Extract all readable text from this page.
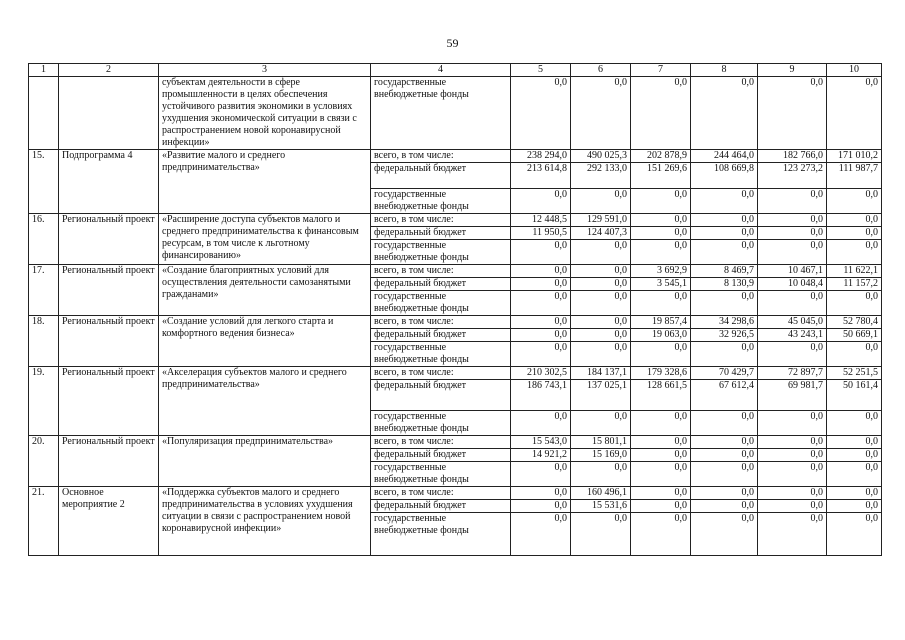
59
1	2	3	4	5	6	7	8	9	10
		субъектам деятельности в сфере промышленности в целях обеспечения устойчивого развития экономики в условиях ухудшения экономической ситуации в связи с распространением новой коронавирусной инфекции»	государственные внебюджетные фонды	0,0	0,0	0,0	0,0	0,0	0,0
15.	Подпрограмма 4	«Развитие малого и среднего предпринимательства»	всего, в том числе:	238 294,0	490 025,3	202 878,9	244 464,0	182 766,0	171 010,2
			федеральный бюджет	213 614,8	292 133,0	151 269,6	108 669,8	123 273,2	111 987,7
			государственные внебюджетные фонды	0,0	0,0	0,0	0,0	0,0	0,0
16.	Региональный проект	«Расширение доступа субъектов малого и среднего предпринимательства к финансовым ресурсам, в том числе к льготному финансированию»	всего, в том числе:	12 448,5	129 591,0	0,0	0,0	0,0	0,0
			федеральный бюджет	11 950,5	124 407,3	0,0	0,0	0,0	0,0
			государственные внебюджетные фонды	0,0	0,0	0,0	0,0	0,0	0,0
17.	Региональный проект	«Создание благоприятных условий для осуществления деятельности самозанятыми гражданами»	всего, в том числе:	0,0	0,0	3 692,9	8 469,7	10 467,1	11 622,1
			федеральный бюджет	0,0	0,0	3 545,1	8 130,9	10 048,4	11 157,2
			государственные внебюджетные фонды	0,0	0,0	0,0	0,0	0,0	0,0
18.	Региональный проект	«Создание условий для легкого старта и комфортного ведения бизнеса»	всего, в том числе:	0,0	0,0	19 857,4	34 298,6	45 045,0	52 780,4
			федеральный бюджет	0,0	0,0	19 063,0	32 926,5	43 243,1	50 669,1
			государственные внебюджетные фонды	0,0	0,0	0,0	0,0	0,0	0,0
19.	Региональный проект	«Акселерация субъектов малого и среднего предпринимательства»	всего, в том числе:	210 302,5	184 137,1	179 328,6	70 429,7	72 897,7	52 251,5
			федеральный бюджет	186 743,1	137 025,1	128 661,5	67 612,4	69 981,7	50 161,4
			государственные внебюджетные фонды	0,0	0,0	0,0	0,0	0,0	0,0
20.	Региональный проект	«Популяризация предпринимательства»	всего, в том числе:	15 543,0	15 801,1	0,0	0,0	0,0	0,0
			федеральный бюджет	14 921,2	15 169,0	0,0	0,0	0,0	0,0
			государственные внебюджетные фонды	0,0	0,0	0,0	0,0	0,0	0,0
21.	Основное мероприятие 2	«Поддержка субъектов малого и среднего предпринимательства в условиях ухудшения ситуации в связи с распространением новой коронавирусной инфекции»	всего, в том числе:	0,0	160 496,1	0,0	0,0	0,0	0,0
			федеральный бюджет	0,0	15 531,6	0,0	0,0	0,0	0,0
			государственные внебюджетные фонды	0,0	0,0	0,0	0,0	0,0	0,0
